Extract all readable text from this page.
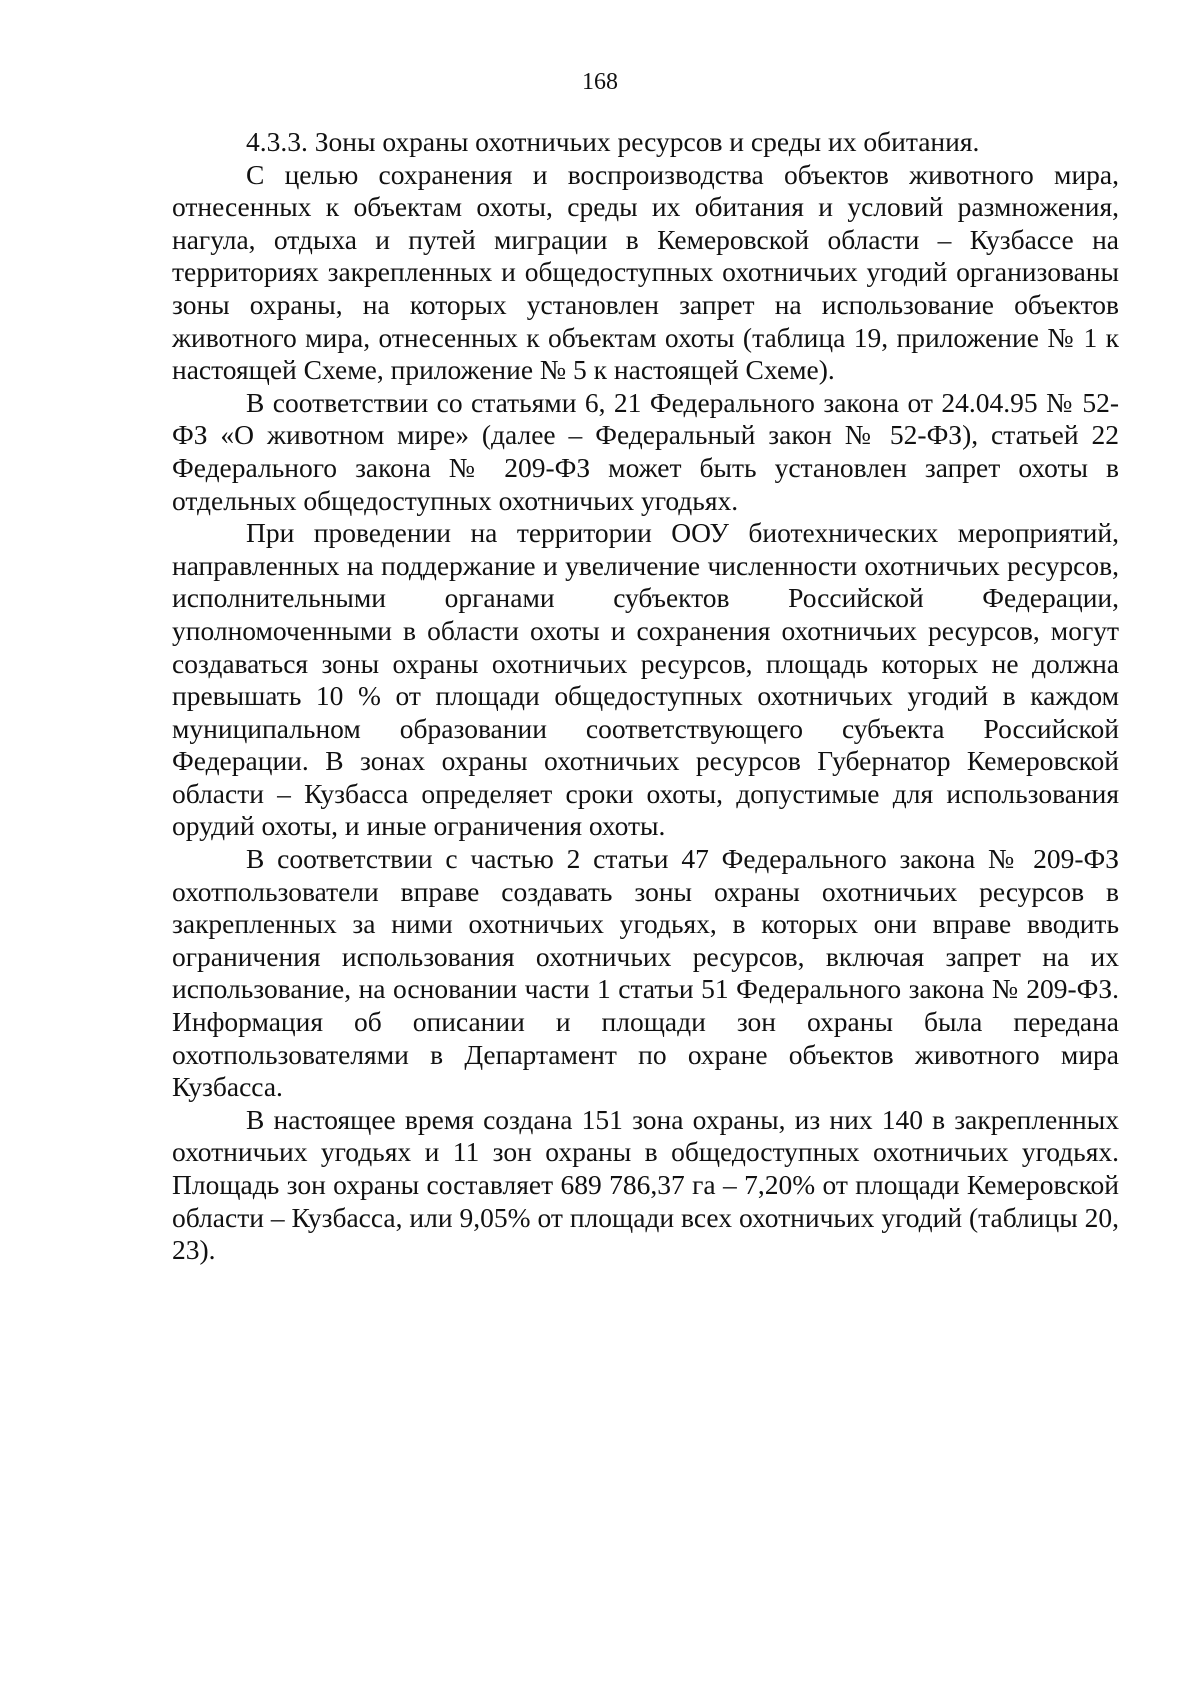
168

4.3.3. Зоны охраны охотничьих ресурсов и среды их обитания.

С целью сохранения и воспроизводства объектов животного мира, отнесенных к объектам охоты, среды их обитания и условий размножения, нагула, отдыха и путей миграции в Кемеровской области – Кузбассе на территориях закрепленных и общедоступных охотничьих угодий организованы зоны охраны, на которых установлен запрет на использование объектов животного мира, отнесенных к объектам охоты (таблица 19, приложение № 1 к настоящей Схеме, приложение № 5 к настоящей Схеме).

В соответствии со статьями 6, 21 Федерального закона от 24.04.95 № 52-ФЗ «О животном мире» (далее – Федеральный закон № 52-ФЗ), статьей 22 Федерального закона № 209-ФЗ может быть установлен запрет охоты в отдельных общедоступных охотничьих угодьях.

При проведении на территории ООУ биотехнических мероприятий, направленных на поддержание и увеличение численности охотничьих ресурсов, исполнительными органами субъектов Российской Федерации, уполномоченными в области охоты и сохранения охотничьих ресурсов, могут создаваться зоны охраны охотничьих ресурсов, площадь которых не должна превышать 10 % от площади общедоступных охотничьих угодий в каждом муниципальном образовании соответствующего субъекта Российской Федерации. В зонах охраны охотничьих ресурсов Губернатор Кемеровской области – Кузбасса определяет сроки охоты, допустимые для использования орудий охоты, и иные ограничения охоты.

В соответствии с частью 2 статьи 47 Федерального закона № 209-ФЗ охотпользователи вправе создавать зоны охраны охотничьих ресурсов в закрепленных за ними охотничьих угодьях, в которых они вправе вводить ограничения использования охотничьих ресурсов, включая запрет на их использование, на основании части 1 статьи 51 Федерального закона № 209-ФЗ. Информация об описании и площади зон охраны была передана охотпользователями в Департамент по охране объектов животного мира Кузбасса.

В настоящее время создана 151 зона охраны, из них 140 в закрепленных охотничьих угодьях и 11 зон охраны в общедоступных охотничьих угодьях. Площадь зон охраны составляет 689 786,37 га – 7,20% от площади Кемеровской области – Кузбасса, или 9,05% от площади всех охотничьих угодий (таблицы 20, 23).
